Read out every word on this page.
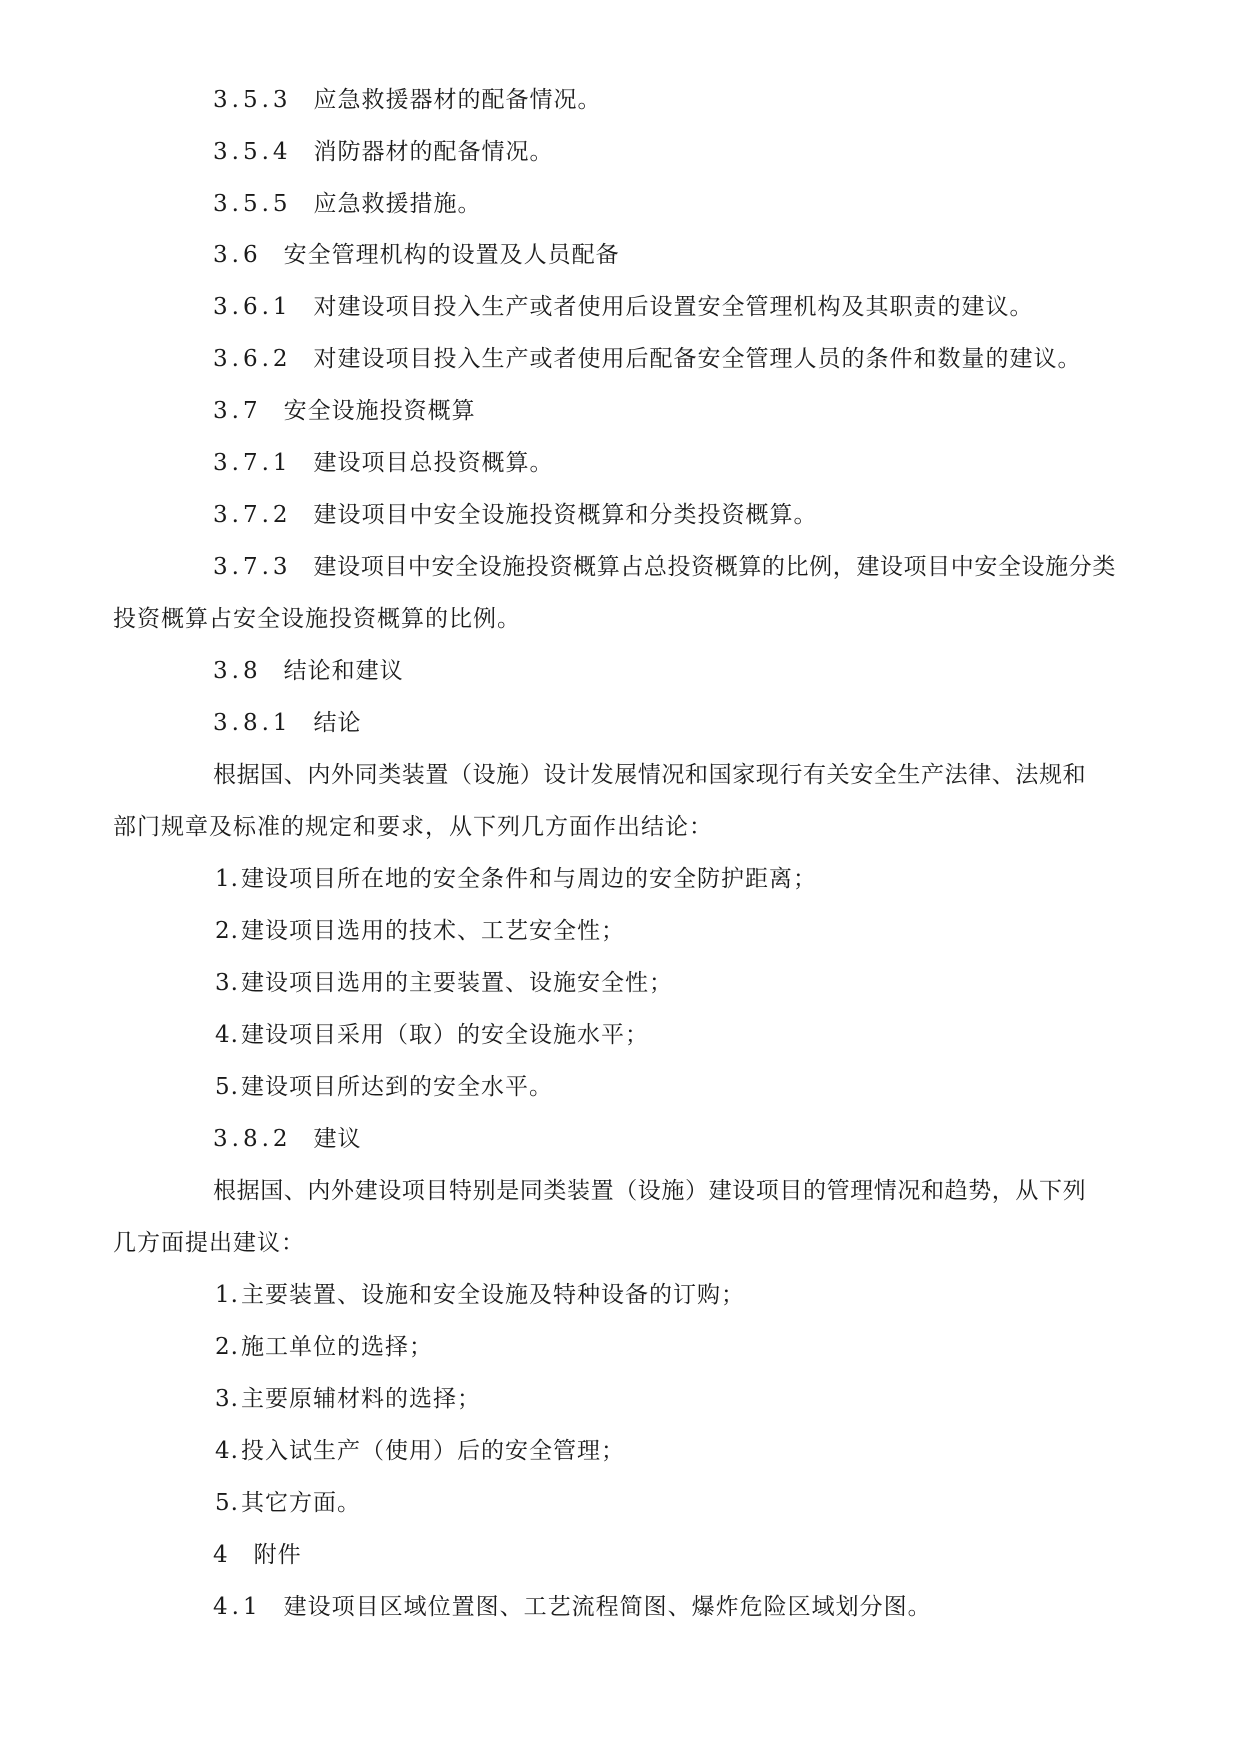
3.5.3 应急救援器材的配备情况。
3.5.4 消防器材的配备情况。
3.5.5 应急救援措施。
3.6 安全管理机构的设置及人员配备
3.6.1 对建设项目投入生产或者使用后设置安全管理机构及其职责的建议。
3.6.2 对建设项目投入生产或者使用后配备安全管理人员的条件和数量的建议。
3.7 安全设施投资概算
3.7.1 建设项目总投资概算。
3.7.2 建设项目中安全设施投资概算和分类投资概算。
3.7.3 建设项目中安全设施投资概算占总投资概算的比例，建设项目中安全设施分类
投资概算占安全设施投资概算的比例。
3.8 结论和建议
3.8.1 结论
根据国、内外同类装置（设施）设计发展情况和国家现行有关安全生产法律、法规和
部门规章及标准的规定和要求，从下列几方面作出结论：
1.建设项目所在地的安全条件和与周边的安全防护距离；
2.建设项目选用的技术、工艺安全性；
3.建设项目选用的主要装置、设施安全性；
4.建设项目采用（取）的安全设施水平；
5.建设项目所达到的安全水平。
3.8.2 建议
根据国、内外建设项目特别是同类装置（设施）建设项目的管理情况和趋势，从下列
几方面提出建议：
1.主要装置、设施和安全设施及特种设备的订购；
2.施工单位的选择；
3.主要原辅材料的选择；
4.投入试生产（使用）后的安全管理；
5.其它方面。
4 附件
4.1 建设项目区域位置图、工艺流程简图、爆炸危险区域划分图。
